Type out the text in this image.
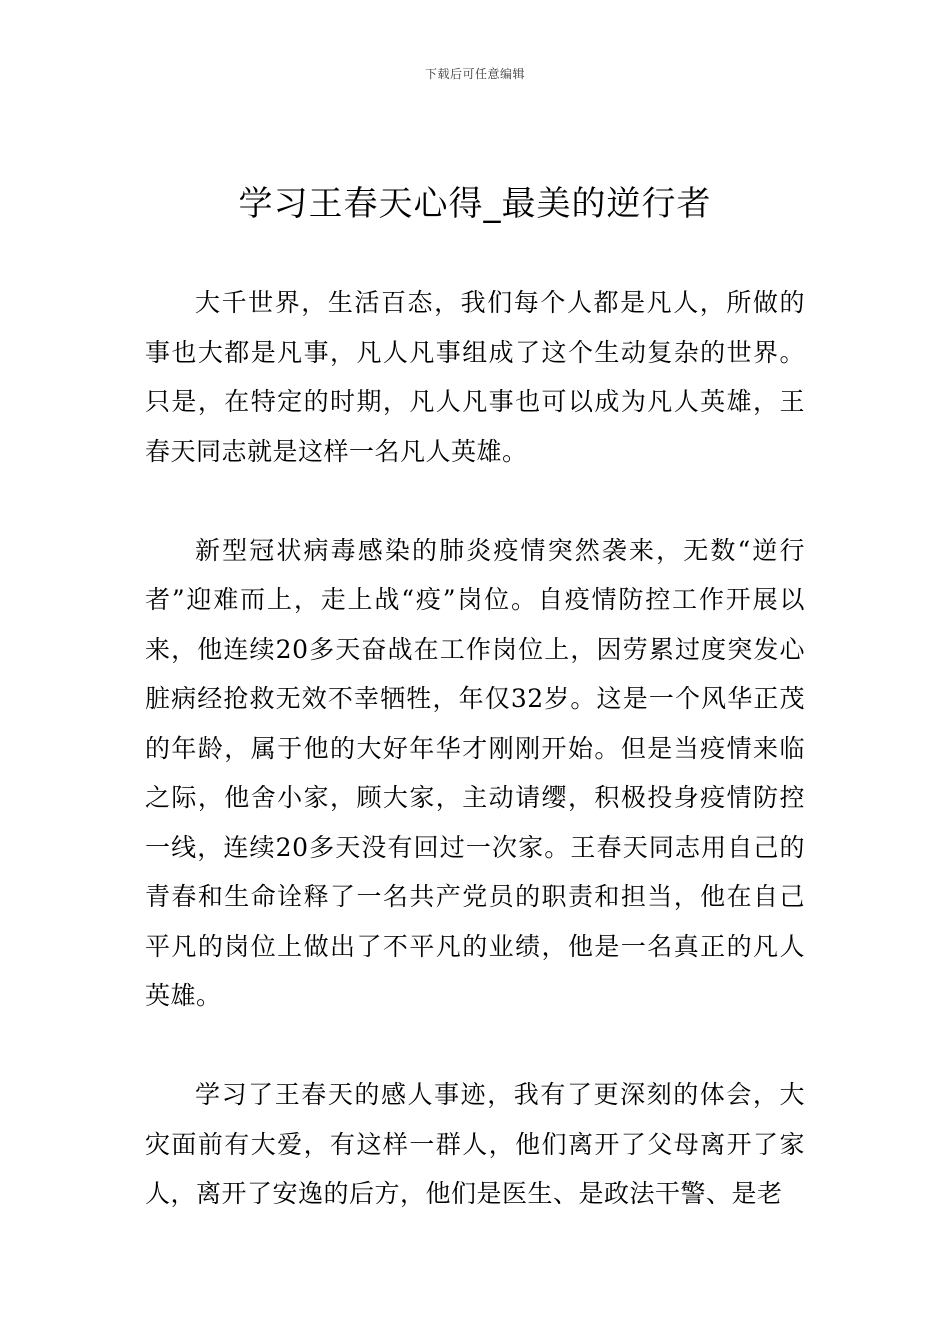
下载后可任意编辑
学习王春天心得_最美的逆行者

大千世界，生活百态，我们每个人都是凡人，所做的事也大都是凡事，凡人凡事组成了这个生动复杂的世界。只是，在特定的时期，凡人凡事也可以成为凡人英雄，王春天同志就是这样一名凡人英雄。

新型冠状病毒感染的肺炎疫情突然袭来，无数“逆行者”迎难而上，走上战“疫”岗位。自疫情防控工作开展以来，他连续20多天奋战在工作岗位上，因劳累过度突发心脏病经抢救无效不幸牺牲，年仅32岁。这是一个风华正茂的年龄，属于他的大好年华才刚刚开始。但是当疫情来临之际，他舍小家，顾大家，主动请缨，积极投身疫情防控一线，连续20多天没有回过一次家。王春天同志用自己的青春和生命诠释了一名共产党员的职责和担当，他在自己平凡的岗位上做出了不平凡的业绩，他是一名真正的凡人英雄。

学习了王春天的感人事迹，我有了更深刻的体会，大灾面前有大爱，有这样一群人，他们离开了父母离开了家人，离开了安逸的后方，他们是医生、是政法干警、是老
